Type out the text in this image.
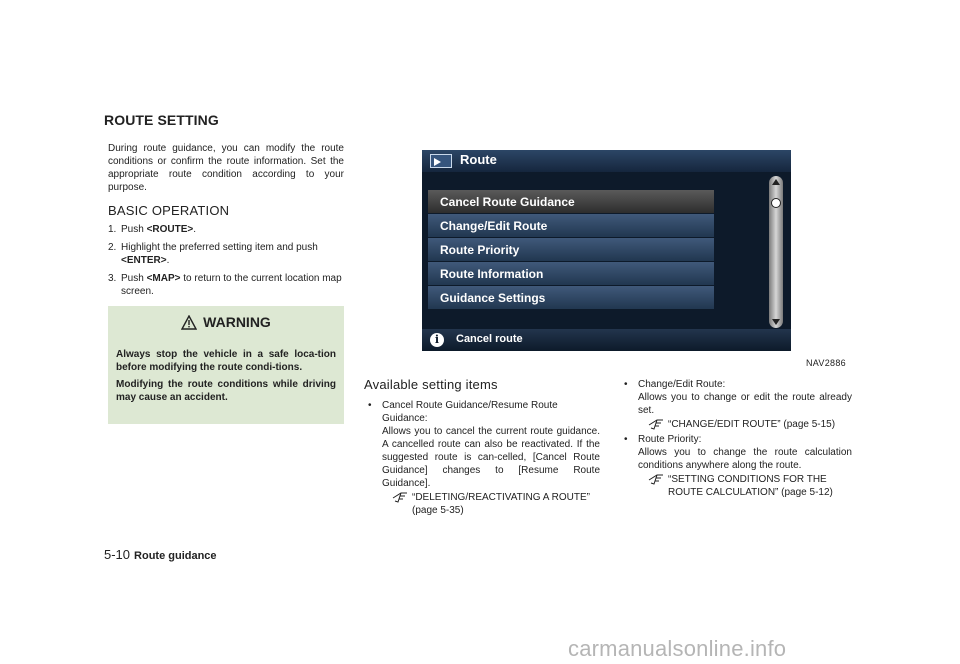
ROUTE SETTING

During route guidance, you can modify the route conditions or confirm the route information. Set the appropriate route condition according to your purpose.

BASIC OPERATION
1. Push <ROUTE>.
2. Highlight the preferred setting item and push <ENTER>.
3. Push <MAP> to return to the current location map screen.
WARNING

Always stop the vehicle in a safe loca-tion before modifying the route condi-tions.

Modifying the route conditions while driving may cause an accident.

Route
Cancel Route Guidance
Change/Edit Route
Route Priority
Route Information
Guidance Settings
i	Cancel route
NAV2886
Available setting items
• Cancel Route Guidance/Resume Route Guidance:
Allows you to cancel the current route guidance. A cancelled route can also be reactivated. If the suggested route is can-celled, [Cancel Route Guidance] changes to [Resume Route Guidance].
“DELETING/REACTIVATING A ROUTE” (page 5-35)
• Change/Edit Route:
Allows you to change or edit the route already set.
“CHANGE/EDIT ROUTE” (page 5-15)
• Route Priority:
Allows you to change the route calculation conditions anywhere along the route.
“SETTING CONDITIONS FOR THE ROUTE CALCULATION” (page 5-12)
5-10 Route guidance
carmanualsonline.info
